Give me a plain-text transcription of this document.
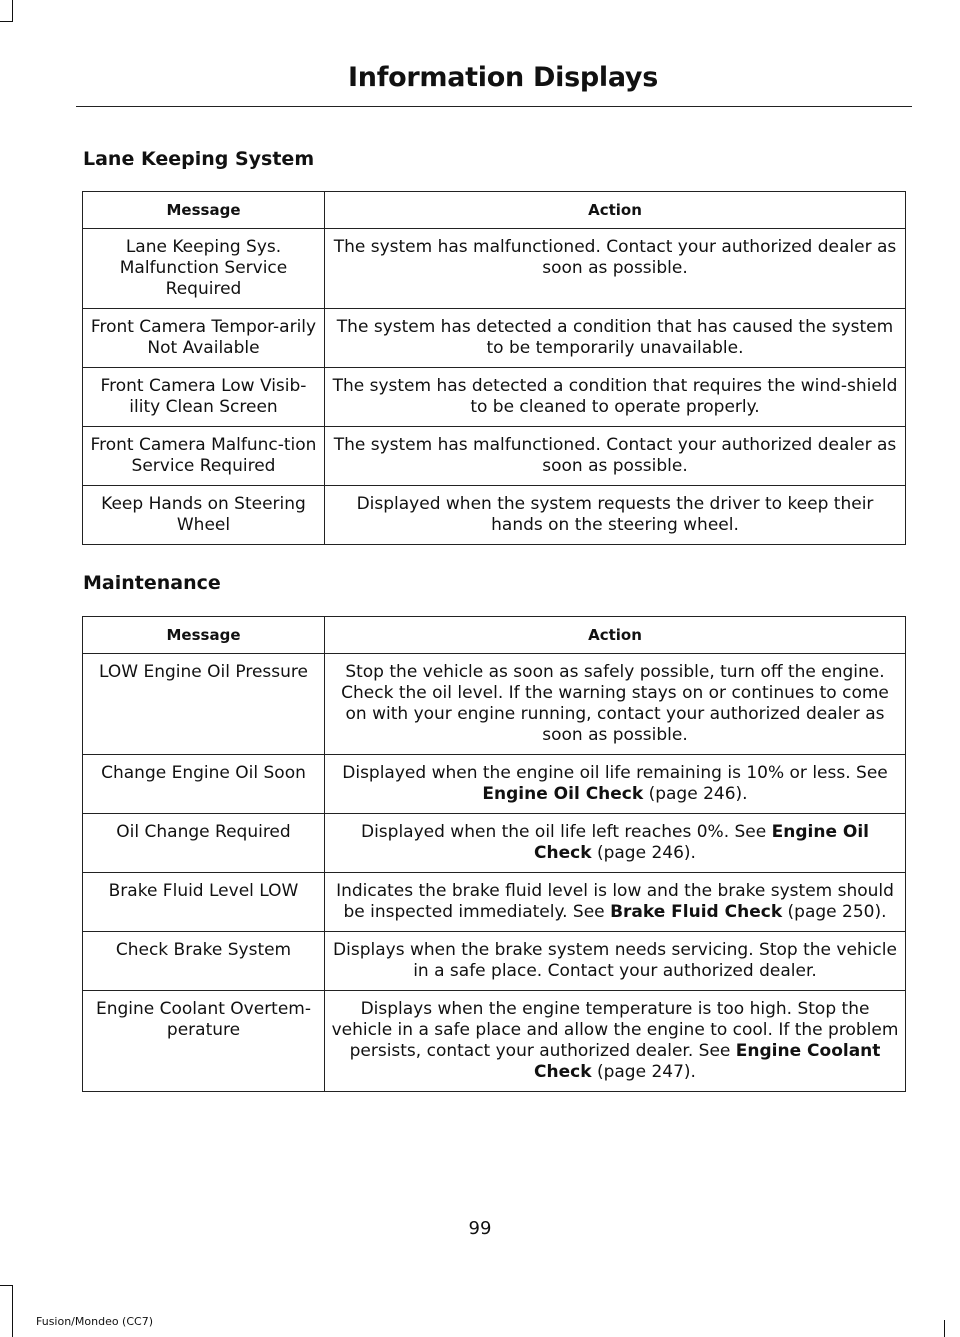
Information Displays
Lane Keeping System
Message	Action
Lane Keeping Sys. Malfunction Service Required	The system has malfunctioned. Contact your authorized dealer as soon as possible.
Front Camera Tempor-arily Not Available	The system has detected a condition that has caused the system to be temporarily unavailable.
Front Camera Low Visib-ility Clean Screen	The system has detected a condition that requires the wind-shield to be cleaned to operate properly.
Front Camera Malfunc-tion Service Required	The system has malfunctioned. Contact your authorized dealer as soon as possible.
Keep Hands on Steering Wheel	Displayed when the system requests the driver to keep their hands on the steering wheel.
Maintenance
Message	Action
LOW Engine Oil Pressure	Stop the vehicle as soon as safely possible, turn off the engine. Check the oil level. If the warning stays on or continues to come on with your engine running, contact your authorized dealer as soon as possible.
Change Engine Oil Soon	Displayed when the engine oil life remaining is 10% or less. See Engine Oil Check (page 246).
Oil Change Required	Displayed when the oil life left reaches 0%. See Engine Oil Check (page 246).
Brake Fluid Level LOW	Indicates the brake fluid level is low and the brake system should be inspected immediately. See Brake Fluid Check (page 250).
Check Brake System	Displays when the brake system needs servicing. Stop the vehicle in a safe place. Contact your authorized dealer.
Engine Coolant Overtem-perature	Displays when the engine temperature is too high. Stop the vehicle in a safe place and allow the engine to cool. If the problem persists, contact your authorized dealer. See Engine Coolant Check (page 247).
99
Fusion/Mondeo (CC7)
